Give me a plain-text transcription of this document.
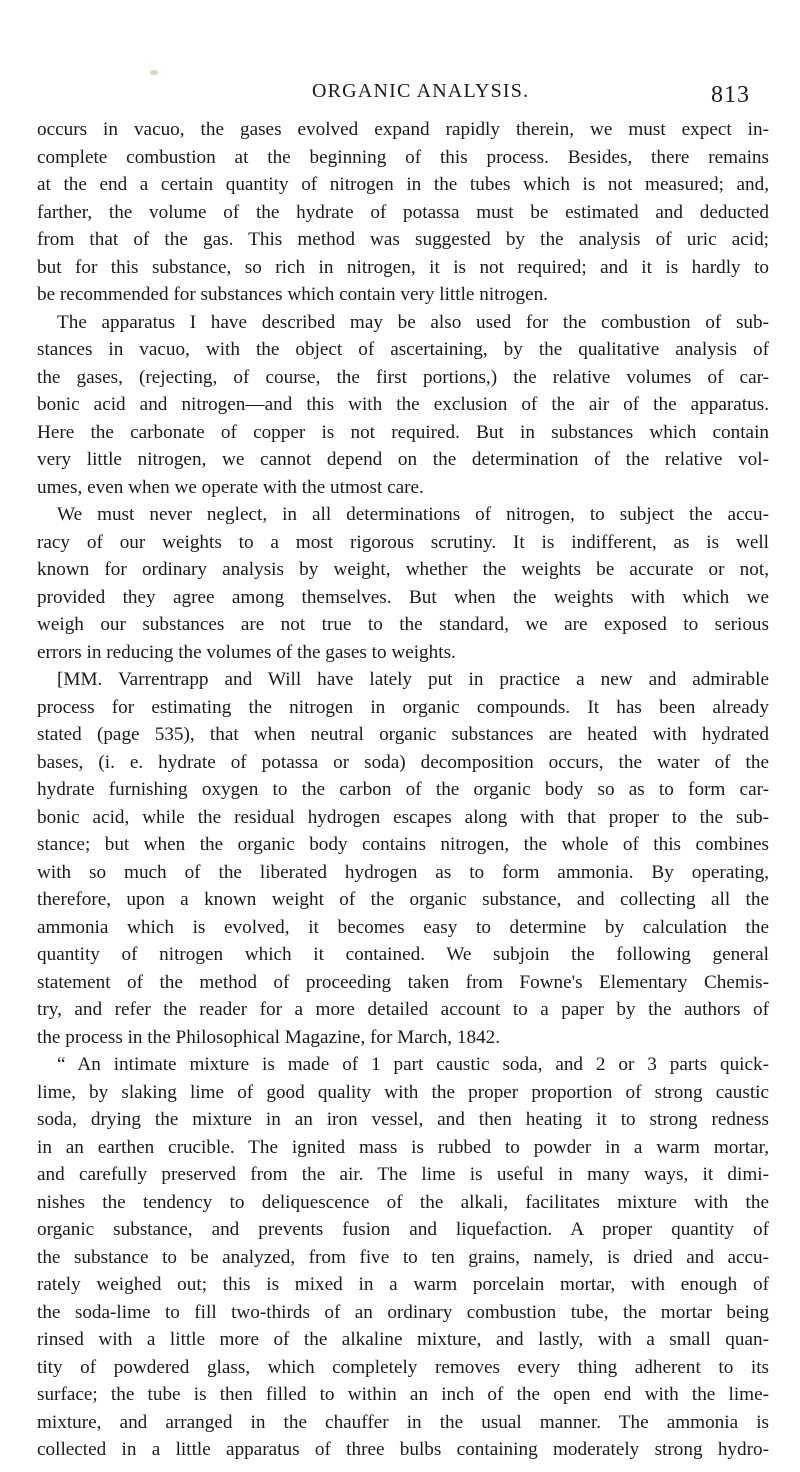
ORGANIC ANALYSIS.	813
occurs in vacuo, the gases evolved expand rapidly therein, we must expect in-
complete combustion at the beginning of this process. Besides, there remains
at the end a certain quantity of nitrogen in the tubes which is not measured; and,
farther, the volume of the hydrate of potassa must be estimated and deducted
from that of the gas. This method was suggested by the analysis of uric acid;
but for this substance, so rich in nitrogen, it is not required; and it is hardly to
be recommended for substances which contain very little nitrogen.
The apparatus I have described may be also used for the combustion of sub-
stances in vacuo, with the object of ascertaining, by the qualitative analysis of
the gases, (rejecting, of course, the first portions,) the relative volumes of car-
bonic acid and nitrogen—and this with the exclusion of the air of the apparatus.
Here the carbonate of copper is not required. But in substances which contain
very little nitrogen, we cannot depend on the determination of the relative vol-
umes, even when we operate with the utmost care.
We must never neglect, in all determinations of nitrogen, to subject the accu-
racy of our weights to a most rigorous scrutiny. It is indifferent, as is well
known for ordinary analysis by weight, whether the weights be accurate or not,
provided they agree among themselves. But when the weights with which we
weigh our substances are not true to the standard, we are exposed to serious
errors in reducing the volumes of the gases to weights.
[MM. Varrentrapp and Will have lately put in practice a new and admirable
process for estimating the nitrogen in organic compounds. It has been already
stated (page 535), that when neutral organic substances are heated with hydrated
bases, (i. e. hydrate of potassa or soda) decomposition occurs, the water of the
hydrate furnishing oxygen to the carbon of the organic body so as to form car-
bonic acid, while the residual hydrogen escapes along with that proper to the sub-
stance; but when the organic body contains nitrogen, the whole of this combines
with so much of the liberated hydrogen as to form ammonia. By operating,
therefore, upon a known weight of the organic substance, and collecting all the
ammonia which is evolved, it becomes easy to determine by calculation the
quantity of nitrogen which it contained. We subjoin the following general
statement of the method of proceeding taken from Fowne's Elementary Chemis-
try, and refer the reader for a more detailed account to a paper by the authors of
the process in the Philosophical Magazine, for March, 1842.
“ An intimate mixture is made of 1 part caustic soda, and 2 or 3 parts quick-
lime, by slaking lime of good quality with the proper proportion of strong caustic
soda, drying the mixture in an iron vessel, and then heating it to strong redness
in an earthen crucible. The ignited mass is rubbed to powder in a warm mortar,
and carefully preserved from the air. The lime is useful in many ways, it dimi-
nishes the tendency to deliquescence of the alkali, facilitates mixture with the
organic substance, and prevents fusion and liquefaction. A proper quantity of
the substance to be analyzed, from five to ten grains, namely, is dried and accu-
rately weighed out; this is mixed in a warm porcelain mortar, with enough of
the soda-lime to fill two-thirds of an ordinary combustion tube, the mortar being
rinsed with a little more of the alkaline mixture, and lastly, with a small quan-
tity of powdered glass, which completely removes every thing adherent to its
surface; the tube is then filled to within an inch of the open end with the lime-
mixture, and arranged in the chauffer in the usual manner. The ammonia is
collected in a little apparatus of three bulbs containing moderately strong hydro-
